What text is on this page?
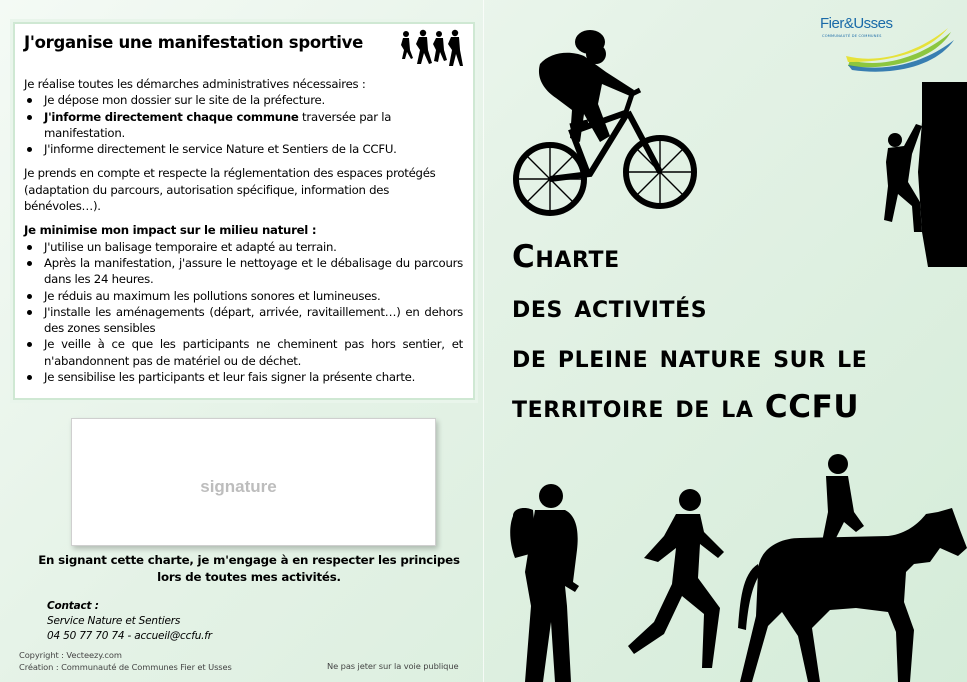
J'organise une manifestation sportive

Je réalise toutes les démarches administratives nécessaires :

Je dépose mon dossier sur le site de la préfecture.
J'informe directement chaque commune traversée par la manifestation.
J'informe directement le service Nature et Sentiers de la CCFU.

Je prends en compte et respecte la réglementation des espaces protégés (adaptation du parcours, autorisation spécifique, information des bénévoles…).

Je minimise mon impact sur le milieu naturel :

J'utilise un balisage temporaire et adapté au terrain.
Après la manifestation, j'assure le nettoyage et le débalisage du parcours dans les 24 heures.
Je réduis au maximum les pollutions sonores et lumineuses.
J'installe les aménagements (départ, arrivée, ravitaillement…) en dehors des zones sensibles
Je veille à ce que les participants ne cheminent pas hors sentier, et n'abandonnent pas de matériel ou de déchet.
Je sensibilise les participants et leur fais signer la présente charte.
signature
En signant cette charte, je m'engage à en respecter les principes
lors de toutes mes activités.
Contact :
Service Nature et Sentiers
04 50 77 70 74 - accueil@ccfu.fr
Copyright : Vecteezy.com
Création : Communauté de Communes Fier et Usses	Ne pas jeter sur la voie publique
Fier&Usses
COMMUNAUTÉ DE COMMUNES
Charte
des activités
de pleine nature sur le
territoire de la CCFU
